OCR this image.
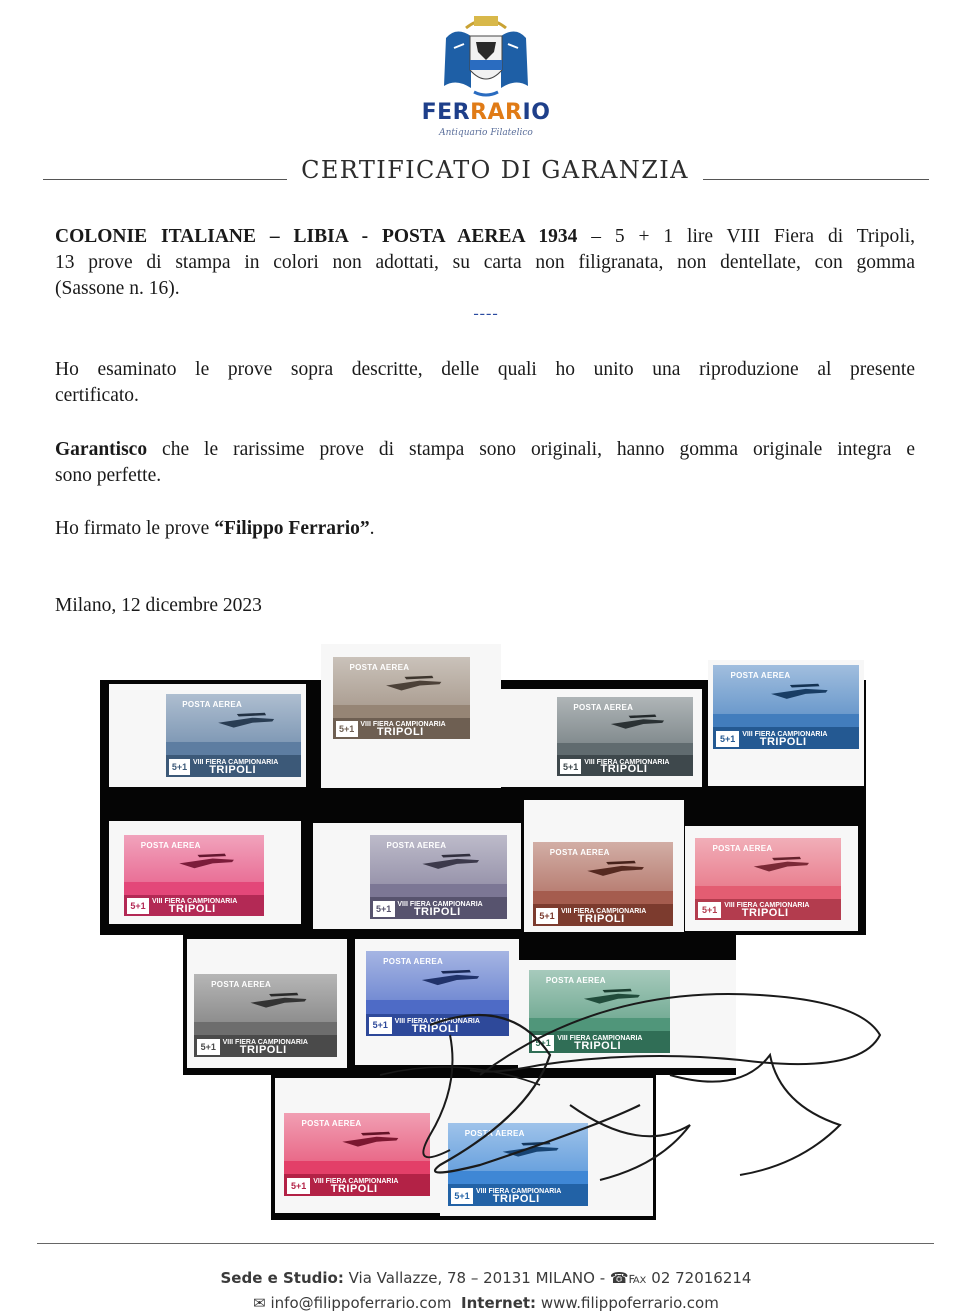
FERRARIO
Antiquario Filatelico
CERTIFICATO DI GARANZIA
COLONIE ITALIANE – LIBIA - POSTA AEREA 1934 – 5 + 1 lire VIII Fiera di Tripoli,
13 prove di stampa in colori non adottati, su carta non filigranata, non dentellate, con gomma
(Sassone n. 16).
----
Ho esaminato le prove sopra descritte, delle quali ho unito una riproduzione al presente
certificato.
Garantisco che le rarissime prove di stampa sono originali, hanno gomma originale integra e
sono perfette.
Ho firmato le prove “Filippo Ferrario”.
Milano, 12 dicembre 2023
POSTA AEREA
VIII FIERA CAMPIONARIA
TRIPOLI
5+1
POSTA AEREA
VIII FIERA CAMPIONARIA
TRIPOLI
5+1
POSTA AEREA
VIII FIERA CAMPIONARIA
TRIPOLI
5+1
POSTA AEREA
VIII FIERA CAMPIONARIA
TRIPOLI
5+1
POSTA AEREA
VIII FIERA CAMPIONARIA
TRIPOLI
5+1
POSTA AEREA
VIII FIERA CAMPIONARIA
TRIPOLI
5+1
POSTA AEREA
VIII FIERA CAMPIONARIA
TRIPOLI
5+1
POSTA AEREA
VIII FIERA CAMPIONARIA
TRIPOLI
5+1
POSTA AEREA
VIII FIERA CAMPIONARIA
TRIPOLI
5+1
POSTA AEREA
VIII FIERA CAMPIONARIA
TRIPOLI
5+1
POSTA AEREA
VIII FIERA CAMPIONARIA
TRIPOLI
5+1
POSTA AEREA
VIII FIERA CAMPIONARIA
TRIPOLI
5+1
POSTA AEREA
VIII FIERA CAMPIONARIA
TRIPOLI
5+1
Sede e Studio: Via Vallazze, 78 – 20131 MILANO - ☎℻ 02 72016214
✉ info@filippoferrario.com Internet: www.filippoferrario.com
